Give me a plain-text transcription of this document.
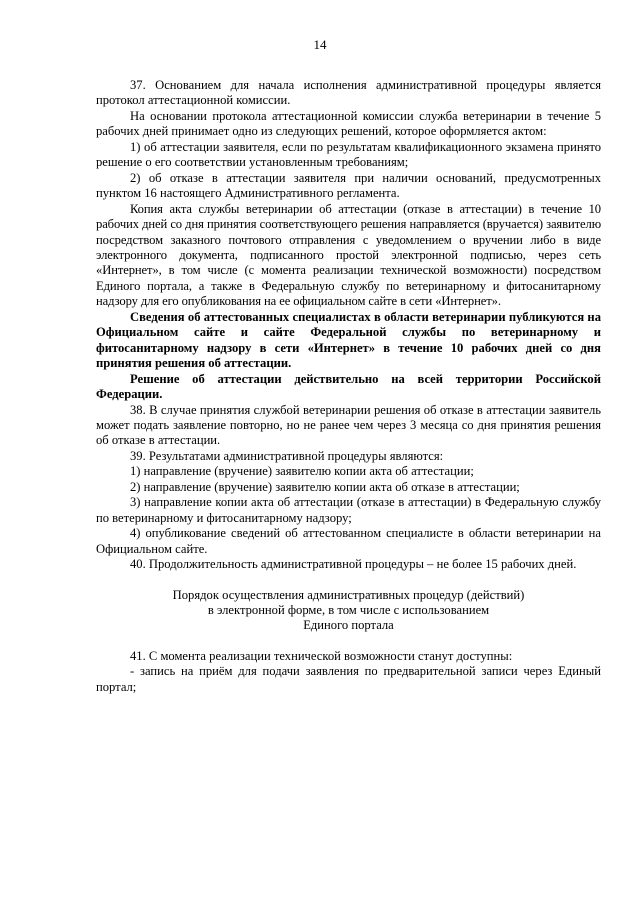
14

37. Основанием для начала исполнения административной процедуры является протокол аттестационной комиссии.

На основании протокола аттестационной комиссии служба ветеринарии в течение 5 рабочих дней принимает одно из следующих решений, которое оформляется актом:

1) об аттестации заявителя, если по результатам квалификационного экзамена принято решение о его соответствии установленным требованиям;

2) об отказе в аттестации заявителя при наличии оснований, предусмотренных пунктом 16 настоящего Административного регламента.

Копия акта службы ветеринарии об аттестации (отказе в аттестации) в течение 10 рабочих дней со дня принятия соответствующего решения направляется (вручается) заявителю посредством заказного почтового отправления с уведомлением о вручении либо в виде электронного документа, подписанного простой электронной подписью, через сеть «Интернет», в том числе (с момента реализации технической возможности) посредством Единого портала, а также в Федеральную службу по ветеринарному и фитосанитарному надзору для его опубликования на ее официальном сайте в сети «Интернет».

Сведения об аттестованных специалистах в области ветеринарии публикуются на Официальном сайте и сайте Федеральной службы по ветеринарному и фитосанитарному надзору в сети «Интернет» в течение 10 рабочих дней со дня принятия решения об аттестации.

Решение об аттестации действительно на всей территории Российской Федерации.

38. В случае принятия службой ветеринарии решения об отказе в аттестации заявитель может подать заявление повторно, но не ранее чем через 3 месяца со дня принятия решения об отказе в аттестации.

39. Результатами административной процедуры являются:

1) направление (вручение) заявителю копии акта об аттестации;

2) направление (вручение) заявителю копии акта об отказе в аттестации;

3) направление копии акта об аттестации (отказе в аттестации) в Федеральную службу по ветеринарному и фитосанитарному надзору;

4) опубликование сведений об аттестованном специалисте в области ветеринарии на Официальном сайте.

40. Продолжительность административной процедуры – не более 15 рабочих дней.

Порядок осуществления административных процедур (действий)
в электронной форме, в том числе с использованием
Единого портала

41. С момента реализации технической возможности станут доступны:

- запись на приём для подачи заявления по предварительной записи через Единый портал;
